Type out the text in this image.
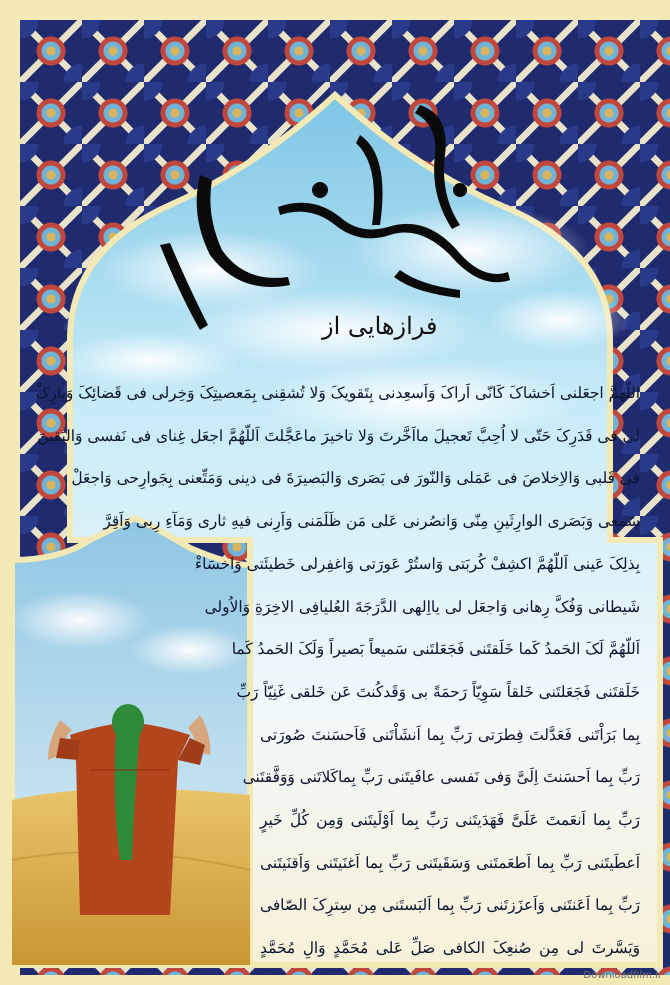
فرازهایی از
اللّهمَّ اجعَلنی اَخشاکَ کَانّی اَراکَ وَاَسعِدنی بِتَقویکَ وَلا تُشقِنی بِمَعصیتِکَ وَخِرلی فی قَضائِکَ وَبارِکْ
لی فی قَدَرِکَ حَتّی لا اُحِبَّ تَعجیلَ مااَخَّرتَ وَلا تاخیرَ ماعَجَّلتَ اَللّهُمَّ اجعَل غِنای فی نَفسی وَالیَقینَ
فی قَلبی وَالاِخلاصَ فی عَمَلی وَالنّورَ فی بَصَری وَالبَصیرَةَ فی دینی وَمَتِّعنی بِجَوارِحی وَاجعَلْ
سَمعی وَبَصَری الوارِثَینِ مِنّی وَانصُرنی عَلی مَن ظَلَمَنی وَاَرِنی فیهِ ثاری وَمَآءِ رِبی وَاَقِرَّ
بِذلِکَ عَینی اَللّهُمَّ اکشِفْ کُربَتی وَاستُرْ عَورَتی وَاغفِرلی خَطیئَتی وَاخسَاءْ
شَیطانی وَفُکَّ رِهانی وَاجعَل لی یااِلهی الدَّرَجَةَ العُلیافِی الاخِرَةِ وَالاُولی
اَللّهُمَّ لَکَ الحَمدُ کَما خَلَقتَنی فَجَعَلتَنی سَمیعاً بَصیراً وَلَکَ الحَمدُ کَما
خَلَقتَنی فَجَعَلتَنی خَلقاً سَوِیّاً رَحمَةً بی وَقَدکُنتَ عَن خَلقی غَنِیّاً رَبِّ
بِما بَرَاْتَنی فَعَدَّلتَ فِطرَتی رَبِّ بِما اَنشَاْتَنی فَاَحسَنتَ صُورَتی
رَبِّ بِما اَحسَنتَ اِلَیَّ وَفی نَفسی عافَیتَنی رَبِّ بِماکَلاتَنی وَوَفَّقتَنی
رَبِّ بِما اَنعَمتَ عَلَیَّ فَهَدَیتَنی رَبِّ بِما اَوْلَیتَنی وَمِن کُلِّ خَیرٍ
اَعطَیتَنی رَبِّ بِما اَطعَمتَنی وَسَقَیتَنی رَبِّ بِما اَغنَیتَنی وَاَقنَیتَنی
رَبِّ بِما اَعَنتَنی وَاَعزَزتَنی رَبِّ بِما اَلبَستَنی مِن سِترِکَ الصّافی
وَیَسَّرتَ لی مِن صُنعِکَ الکافی صَلِّ عَلی مُحَمَّدٍ وَالِ مُحَمَّدٍ
Downloadfilm.ir
